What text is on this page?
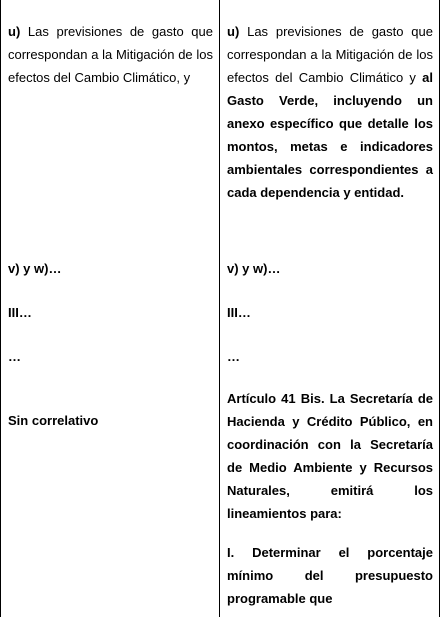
u) Las previsiones de gasto que correspondan a la Mitigación de los efectos del Cambio Climático, y

v) y w)…

III…

…

Sin correlativo

u) Las previsiones de gasto que correspondan a la Mitigación de los efectos del Cambio Climático y al Gasto Verde, incluyendo un anexo específico que detalle los montos, metas e indicadores ambientales correspondientes a cada dependencia y entidad.

v) y w)…

III…

…

Artículo 41 Bis. La Secretaría de Hacienda y Crédito Público, en coordinación con la Secretaría de Medio Ambiente y Recursos Naturales, emitirá los lineamientos para:

I. Determinar el porcentaje mínimo del presupuesto programable que
